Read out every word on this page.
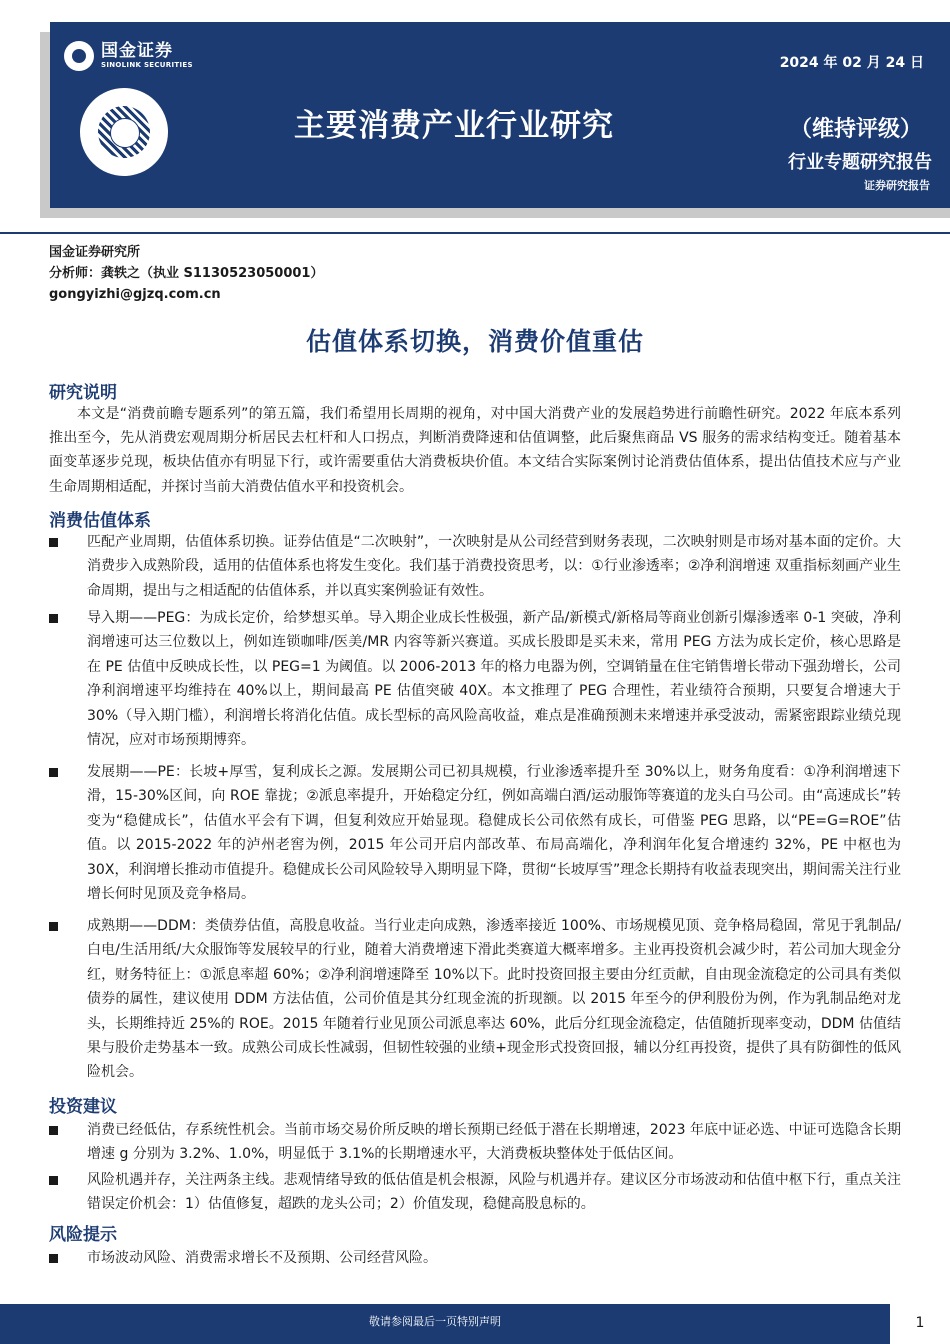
国金证券
SINOLINK SECURITIES	2024 年 02 月 24 日
主要消费产业行业研究	（维持评级）
行业专题研究报告
证券研究报告
国金证券研究所
分析师：龚轶之（执业 S1130523050001）
gongyizhi@gjzq.com.cn
估值体系切换，消费价值重估
研究说明
本文是“消费前瞻专题系列”的第五篇，我们希望用长周期的视角，对中国大消费产业的发展趋势进行前瞻性研究。2022 年底本系列推出至今，先从消费宏观周期分析居民去杠杆和人口拐点，判断消费降速和估值调整，此后聚焦商品 VS 服务的需求结构变迁。随着基本面变革逐步兑现，板块估值亦有明显下行，或许需要重估大消费板块价值。本文结合实际案例讨论消费估值体系，提出估值技术应与产业生命周期相适配，并探讨当前大消费估值水平和投资机会。
消费估值体系
匹配产业周期，估值体系切换。证券估值是“二次映射”，一次映射是从公司经营到财务表现，二次映射则是市场对基本面的定价。大消费步入成熟阶段，适用的估值体系也将发生变化。我们基于消费投资思考，以：①行业渗透率；②净利润增速 双重指标刻画产业生命周期，提出与之相适配的估值体系，并以真实案例验证有效性。
导入期——PEG：为成长定价，给梦想买单。导入期企业成长性极强，新产品/新模式/新格局等商业创新引爆渗透率 0-1 突破，净利润增速可达三位数以上，例如连锁咖啡/医美/MR 内容等新兴赛道。买成长股即是买未来，常用 PEG 方法为成长定价，核心思路是在 PE 估值中反映成长性，以 PEG=1 为阈值。以 2006-2013 年的格力电器为例，空调销量在住宅销售增长带动下强劲增长，公司净利润增速平均维持在 40%以上，期间最高 PE 估值突破 40X。本文推理了 PEG 合理性，若业绩符合预期，只要复合增速大于 30%（导入期门槛），利润增长将消化估值。成长型标的高风险高收益，难点是准确预测未来增速并承受波动，需紧密跟踪业绩兑现情况，应对市场预期博弈。
发展期——PE：长坡+厚雪，复利成长之源。发展期公司已初具规模，行业渗透率提升至 30%以上，财务角度看：①净利润增速下滑，15-30%区间，向 ROE 靠拢；②派息率提升，开始稳定分红，例如高端白酒/运动服饰等赛道的龙头白马公司。由“高速成长”转变为“稳健成长”，估值水平会有下调，但复利效应开始显现。稳健成长公司依然有成长，可借鉴 PEG 思路，以“PE=G=ROE”估值。以 2015-2022 年的泸州老窖为例，2015 年公司开启内部改革、布局高端化，净利润年化复合增速约 32%，PE 中枢也为 30X，利润增长推动市值提升。稳健成长公司风险较导入期明显下降，贯彻“长坡厚雪”理念长期持有收益表现突出，期间需关注行业增长何时见顶及竞争格局。
成熟期——DDM：类债券估值，高股息收益。当行业走向成熟，渗透率接近 100%、市场规模见顶、竞争格局稳固，常见于乳制品/白电/生活用纸/大众服饰等发展较早的行业，随着大消费增速下滑此类赛道大概率增多。主业再投资机会减少时，若公司加大现金分红，财务特征上：①派息率超 60%；②净利润增速降至 10%以下。此时投资回报主要由分红贡献，自由现金流稳定的公司具有类似债券的属性，建议使用 DDM 方法估值，公司价值是其分红现金流的折现额。以 2015 年至今的伊利股份为例，作为乳制品绝对龙头，长期维持近 25%的 ROE。2015 年随着行业见顶公司派息率达 60%，此后分红现金流稳定，估值随折现率变动，DDM 估值结果与股价走势基本一致。成熟公司成长性减弱，但韧性较强的业绩+现金形式投资回报，辅以分红再投资，提供了具有防御性的低风险机会。
投资建议
消费已经低估，存系统性机会。当前市场交易价所反映的增长预期已经低于潜在长期增速，2023 年底中证必选、中证可选隐含长期增速 g 分别为 3.2%、1.0%，明显低于 3.1%的长期增速水平，大消费板块整体处于低估区间。
风险机遇并存，关注两条主线。悲观情绪导致的低估值是机会根源，风险与机遇并存。建议区分市场波动和估值中枢下行，重点关注错误定价机会：1）估值修复，超跌的龙头公司；2）价值发现，稳健高股息标的。
风险提示
市场波动风险、消费需求增长不及预期、公司经营风险。
敬请参阅最后一页特别声明	1
